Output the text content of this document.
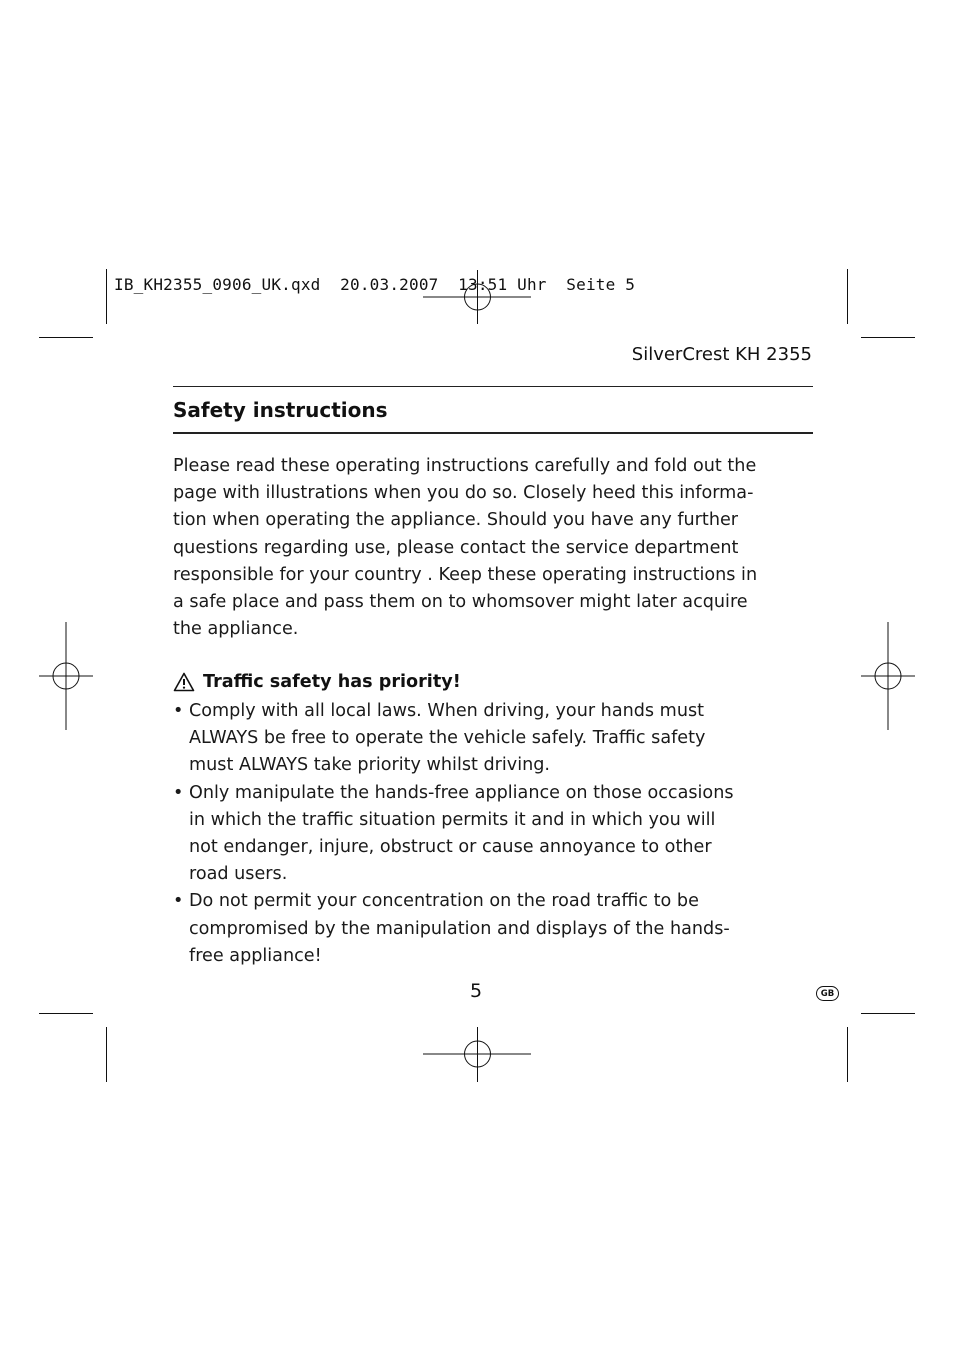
IB_KH2355_0906_UK.qxd  20.03.2007  13:51 Uhr  Seite 5
SilverCrest KH 2355
Safety instructions

Please read these operating instructions carefully and fold out the
page with illustrations when you do so. Closely heed this informa-
tion when operating the appliance. Should you have any further
questions regarding use, please contact the service department
responsible for your country . Keep these operating instructions in
a safe place and pass them on to whomsover might later acquire
the appliance.

Traffic safety has priority!
• Comply with all local laws. When driving, your hands must
ALWAYS be free to operate the vehicle safely. Traffic safety
must ALWAYS take priority whilst driving.
• Only manipulate the hands-free appliance on those occasions
in which the traffic situation permits it and in which you will
not endanger, injure, obstruct or cause annoyance to other
road users.
• Do not permit your concentration on the road traffic to be
compromised by the manipulation and displays of the hands-
free appliance!
5	GB
